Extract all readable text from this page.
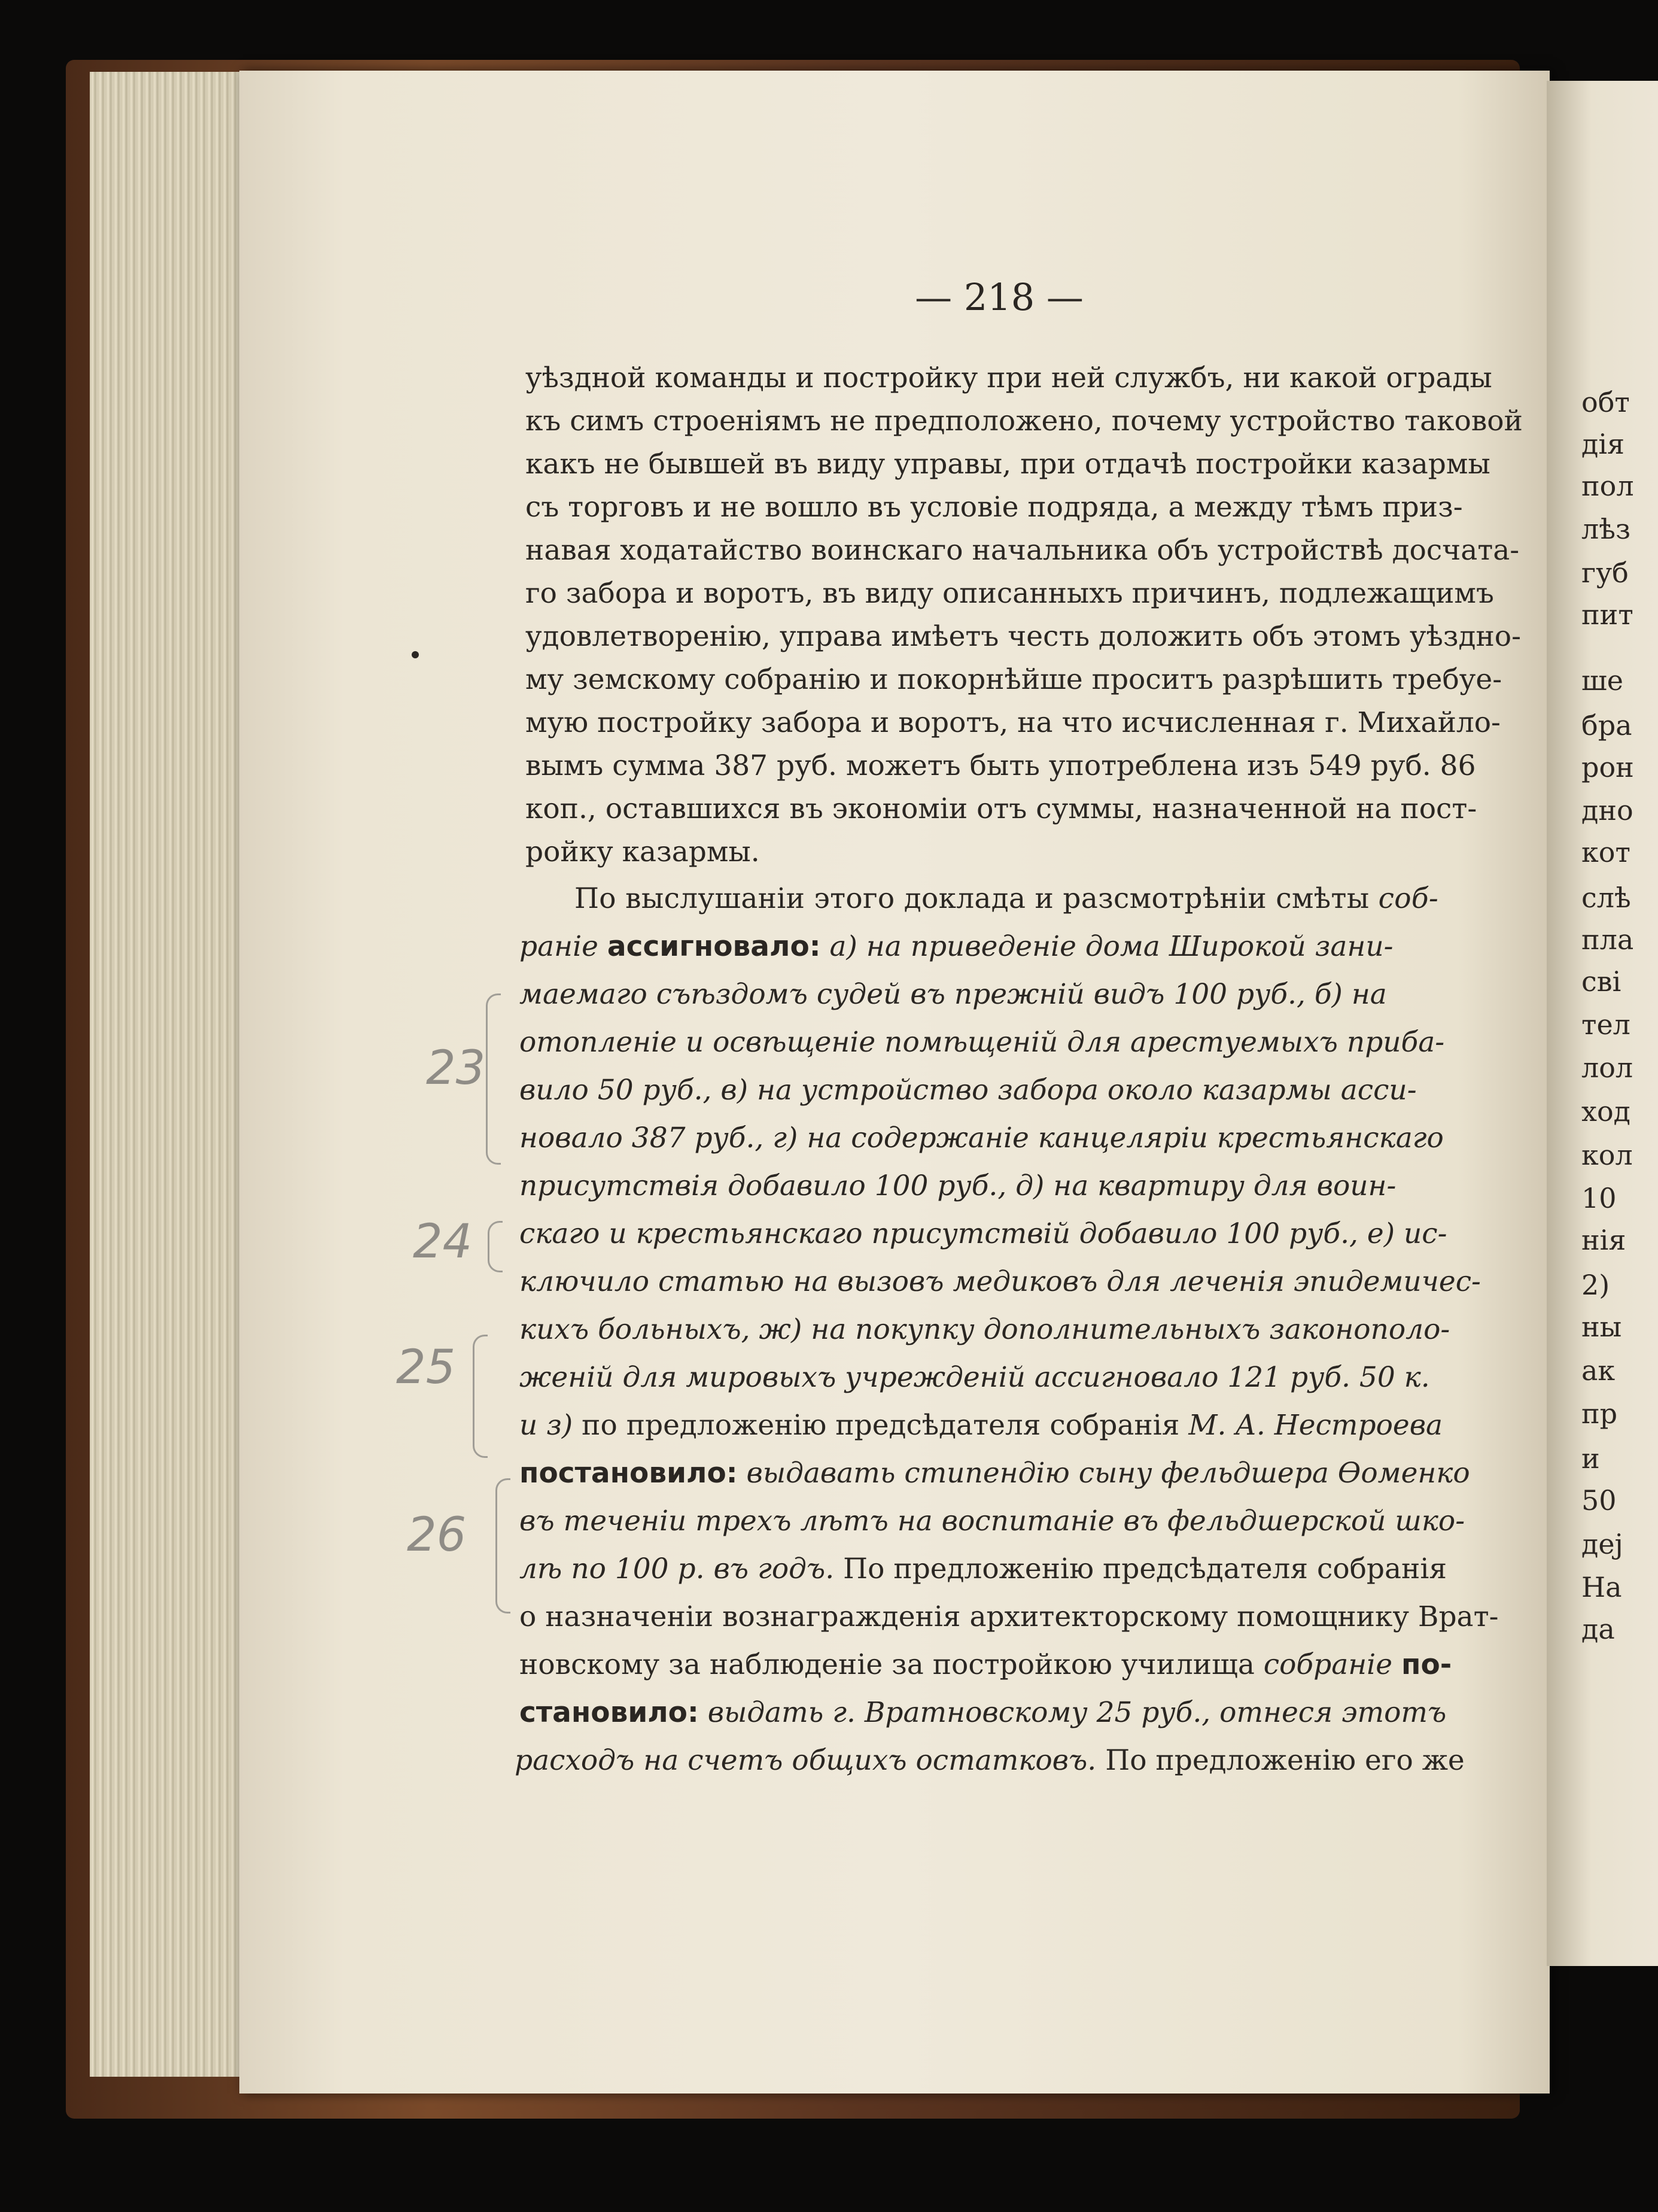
— 218 —
уѣздной команды и постройку при ней службъ, ни какой ограды
къ симъ строеніямъ не предположено, почему устройство таковой
какъ не бывшей въ виду управы, при отдачѣ постройки казармы
съ торговъ и не вошло въ условіе подряда, а между тѣмъ приз-
навая ходатайство воинскаго начальника объ устройствѣ досчата-
го забора и воротъ, въ виду описанныхъ причинъ, подлежащимъ
удовлетворенію, управа имѣетъ честь доложить объ этомъ уѣздно-
му земскому собранію и покорнѣйше проситъ разрѣшить требуе-
мую постройку забора и воротъ, на что исчисленная г. Михайло-
вымъ сумма 387 руб. можетъ быть употреблена изъ 549 руб. 86
коп., оставшихся въ экономіи отъ суммы, назначенной на пост-
ройку казармы.
По выслушаніи этого доклада и разсмотрѣніи смѣты соб-
раніе ассигновало: а) на приведеніе дома Широкой зани-
маемаго съѣздомъ судей въ прежній видъ 100 руб., б) на
отопленіе и освѣщеніе помѣщеній для арестуемыхъ приба-
вило 50 руб., в) на устройство забора около казармы асси-
новало 387 руб., г) на содержаніе канцеляріи крестьянскаго
присутствія добавило 100 руб., д) на квартиру для воин-
скаго и крестьянскаго присутствій добавило 100 руб., е) ис-
ключило статью на вызовъ медиковъ для леченія эпидемичес-
кихъ больныхъ, ж) на покупку дополнительныхъ законополо-
женій для мировыхъ учрежденій ассигновало 121 руб. 50 к.
и з) по предложенію предсѣдателя собранія М. А. Нестроева
постановило: выдавать стипендію сыну фельдшера Ѳоменко
въ теченіи трехъ лѣтъ на воспитаніе въ фельдшерской шко-
лѣ по 100 р. въ годъ. По предложенію предсѣдателя собранія
о назначеніи вознагражденія архитекторскому помощнику Врат-
новскому за наблюденіе за постройкою училища собраніе по-
становило: выдать г. Вратновскому 25 руб., отнеся этотъ
расходъ на счетъ общихъ остатковъ. По предложенію его же
23
24
25
26
обт
дія
пол
лѣз
губ
пит
ше
бра
рон
дно
кот
слѣ
пла
сві
тел
лол
ход
кол
10
нія
2)
ны
ак
пр
и
50
деј
На
да
